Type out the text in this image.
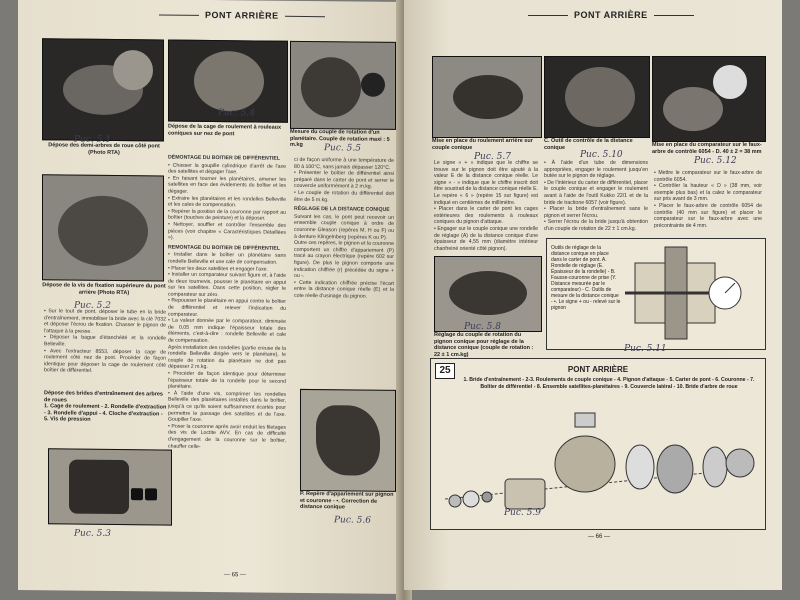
PONT ARRIÈRE
Dépose des demi-arbres de roue côté pont (Photo RTA)
Dépose de la cage de roulement à rouleaux coniques sur nez de pont	Mesure du couple de rotation d'un planétaire. Couple de rotation maxi : 5 m.kg
Dépose de la vis de fixation supérieure du pont arrière (Photo RTA)
• Sur le tout de pont, déposer le tube en la bride d'entraînement, immobiliser la bride avec la clé 7032 et déposer l'écrou de fixation. Chasser le pignon de l'attaque à la presse.
• Déposer la bague d'étanchéité et la rondelle Belleville.
• Avec l'extracteur 8553, déposer la cage de roulement côté nez de pont. Procéder de façon identique pour déposer la cage de roulement côté boîtier de différentiel.
Dépose des brides d'entraînement des arbres de roues
1. Cage de roulement - 2. Rondelle d'extraction - 3. Rondelle d'appui - 4. Cloche d'extraction - 5. Vis de pression
DÉMONTAGE DU BOITIER DE DIFFÉRENTIEL
• Chasser la goupille cylindrique d'arrêt de l'axe des satellites et dégager l'axe.
• En faisant tourner les planétaires, amener les satellites en face des évidements du boîtier et les dégager.
• Extraire les planétaires et les rondelles Belleville et les cales de compensation.
• Repérer la position de la couronne par rapport au boîtier (touches de peinture) et la déposer.
• Nettoyer, souffler et contrôler l'ensemble des pièces (voir chapitre « Caractéristiques Détaillées »).
REMONTAGE DU BOITIER DE DIFFÉRENTIEL
• Installer dans le boîtier un planétaire sans rondelle Belleville et une cale de compensation.
• Placer les deux satellites et engager l'axe.
• Installer un comparateur suivant figure et, à l'aide de deux tournevis, pousser le planétaire en appui sur les satellites. Dans cette position, régler le comparateur sur zéro.
• Repousser le planétaire en appui contre le boîtier de différentiel et relever l'indication du comparateur.
• La valeur donnée par le comparateur, diminuée de 0,05 mm indique l'épaisseur totale des éléments, c'est-à-dire : rondelle Belleville et cale de compensation.
Après installation des rondelles (partie creuse de la rondelle Belleville dirigée vers le planétaire), le couple de rotation du planétaire ne doit pas dépasser 2 m.kg.
• Procéder de façon identique pour déterminer l'épaisseur totale de la rondelle pour le second planétaire.
• À l'aide d'une vis, comprimer les rondelles Belleville des planétaires installés dans le boîtier, jusqu'à ce qu'ils soient suffisamment écartés pour permettre le passage des satellites et de l'axe. Goupiller l'axe.
• Poser la couronne après avoir enduit les filetages des vis de Loctite AVV. En cas de difficulté d'engagement de la couronne sur le boîtier, chauffer celle-
ci de façon uniforme à une température de 80 à 100°C, sans jamais dépasser 120°C.
• Présenter le boîtier de différentiel ainsi préparé dans le carter de pont et serrer le couvercle uniformément à 2 m.kg.
• Le couple de rotation du différentiel doit être de 5 m.kg.
RÉGLAGE DE LA DISTANCE CONIQUE
Suivant les cas, le pont peut recevoir un ensemble couple conique à ordre de couronne Gleason (repères M, H ou F) ou à denture Klingelnberg (repères K ou P).
Outre ces repères, le pignon et la couronne comportent un chiffre d'appariement (P) tracé au crayon électrique (repère 602 sur figure). De plus le pignon comporte une indication chiffrée (r) précédée du signe + ou -.
• Cette indication chiffrée précise l'écart entre la distance conique réelle (E) et la cote réelle d'usinage du pignon.
P. Repère d'appariement sur pignon et couronne - •. Correction de distance conique
— 65 —
Puc. 5.1
Puc. 5.4
Puc. 5.5
Puc. 5.2
Puc. 5.3
Puc. 5.6
PONT ARRIÈRE
Mise en place du roulement arrière sur couple conique
C. Outil de contrôle de la distance conique	Mise en place du comparateur sur le faux-arbre de contrôle 6054 - D. 40 ± 2 = 38 mm
Le signe « + » indique que le chiffre se trouve sur le pignon doit être ajouté à la valeur E de la distance conique réelle. Le signe « - » indique que le chiffre inscrit doit être soustrait de la distance conique réelle E. Le repère « 6 » (repère 15 sur figure) est indiqué en centièmes de millimètre.
• Placer dans le carter de pont les cages extérieures des roulements à rouleaux coniques du pignon d'attaque.
• Engager sur le couple conique une rondelle de réglage (A) de la distance conique d'une épaisseur de 4,55 mm (diamètre intérieur chanfreiné orienté côté pignon).
• À l'aide d'un tube de dimensions appropriées, engager le roulement jusqu'en butée sur le pignon de réglage.
• De l'intérieur du carter de différentiel, placer le couple conique et engager le roulement avant à l'aide de l'outil Kukko 22/1 et de la bride de tractione 6057 (voir figure).
• Placer la bride d'entraînement sans le pignon et serrer l'écrou.
• Serrer l'écrou de la bride jusqu'à obtention d'un couple de rotation de 22 ± 1 cm.kg.
• Mettre le comparateur sur le faux-arbre de contrôle 6054.
• Contrôler la hauteur « D » (38 mm, voir exemple plus bas) et la calez le comparateur sur pris avant de 3 mm.
• Placer le faux-arbre de contrôle 6054 de contrôle (40 mm sur figure) et placer le comparateur sur le faux-arbre avec une précontrainte de 4 mm.
Réglage du couple de rotation du pignon conique pour réglage de la distance conique (couple de rotation : 22 ± 1 cm.kg)
Outils de réglage de la distance conique en place dans le carter de pont. A. Rondelle de réglage (E. Épaisseur de la rondelle) - B. Fausse-couronne de prise (Y. Distance mesurée par le comparateur) - C. Outils de mesure de la distance conique - •. Le signe + ou - relevé sur le pignon
25	PONT ARRIÈRE
1. Bride d'entraînement - 2-3. Roulements de couple conique - 4. Pignon d'attaque - 5. Carter de pont - 6. Couronne - 7. Boîtier de différentiel - 8. Ensemble satellites-planétaires - 9. Couvercle latéral - 10. Bride d'arbre de roue
— 66 —
Puc. 5.7	Puc. 5.10
Puc. 5.12
Puc. 5.8
Puc. 5.11
Puc. 5.9
